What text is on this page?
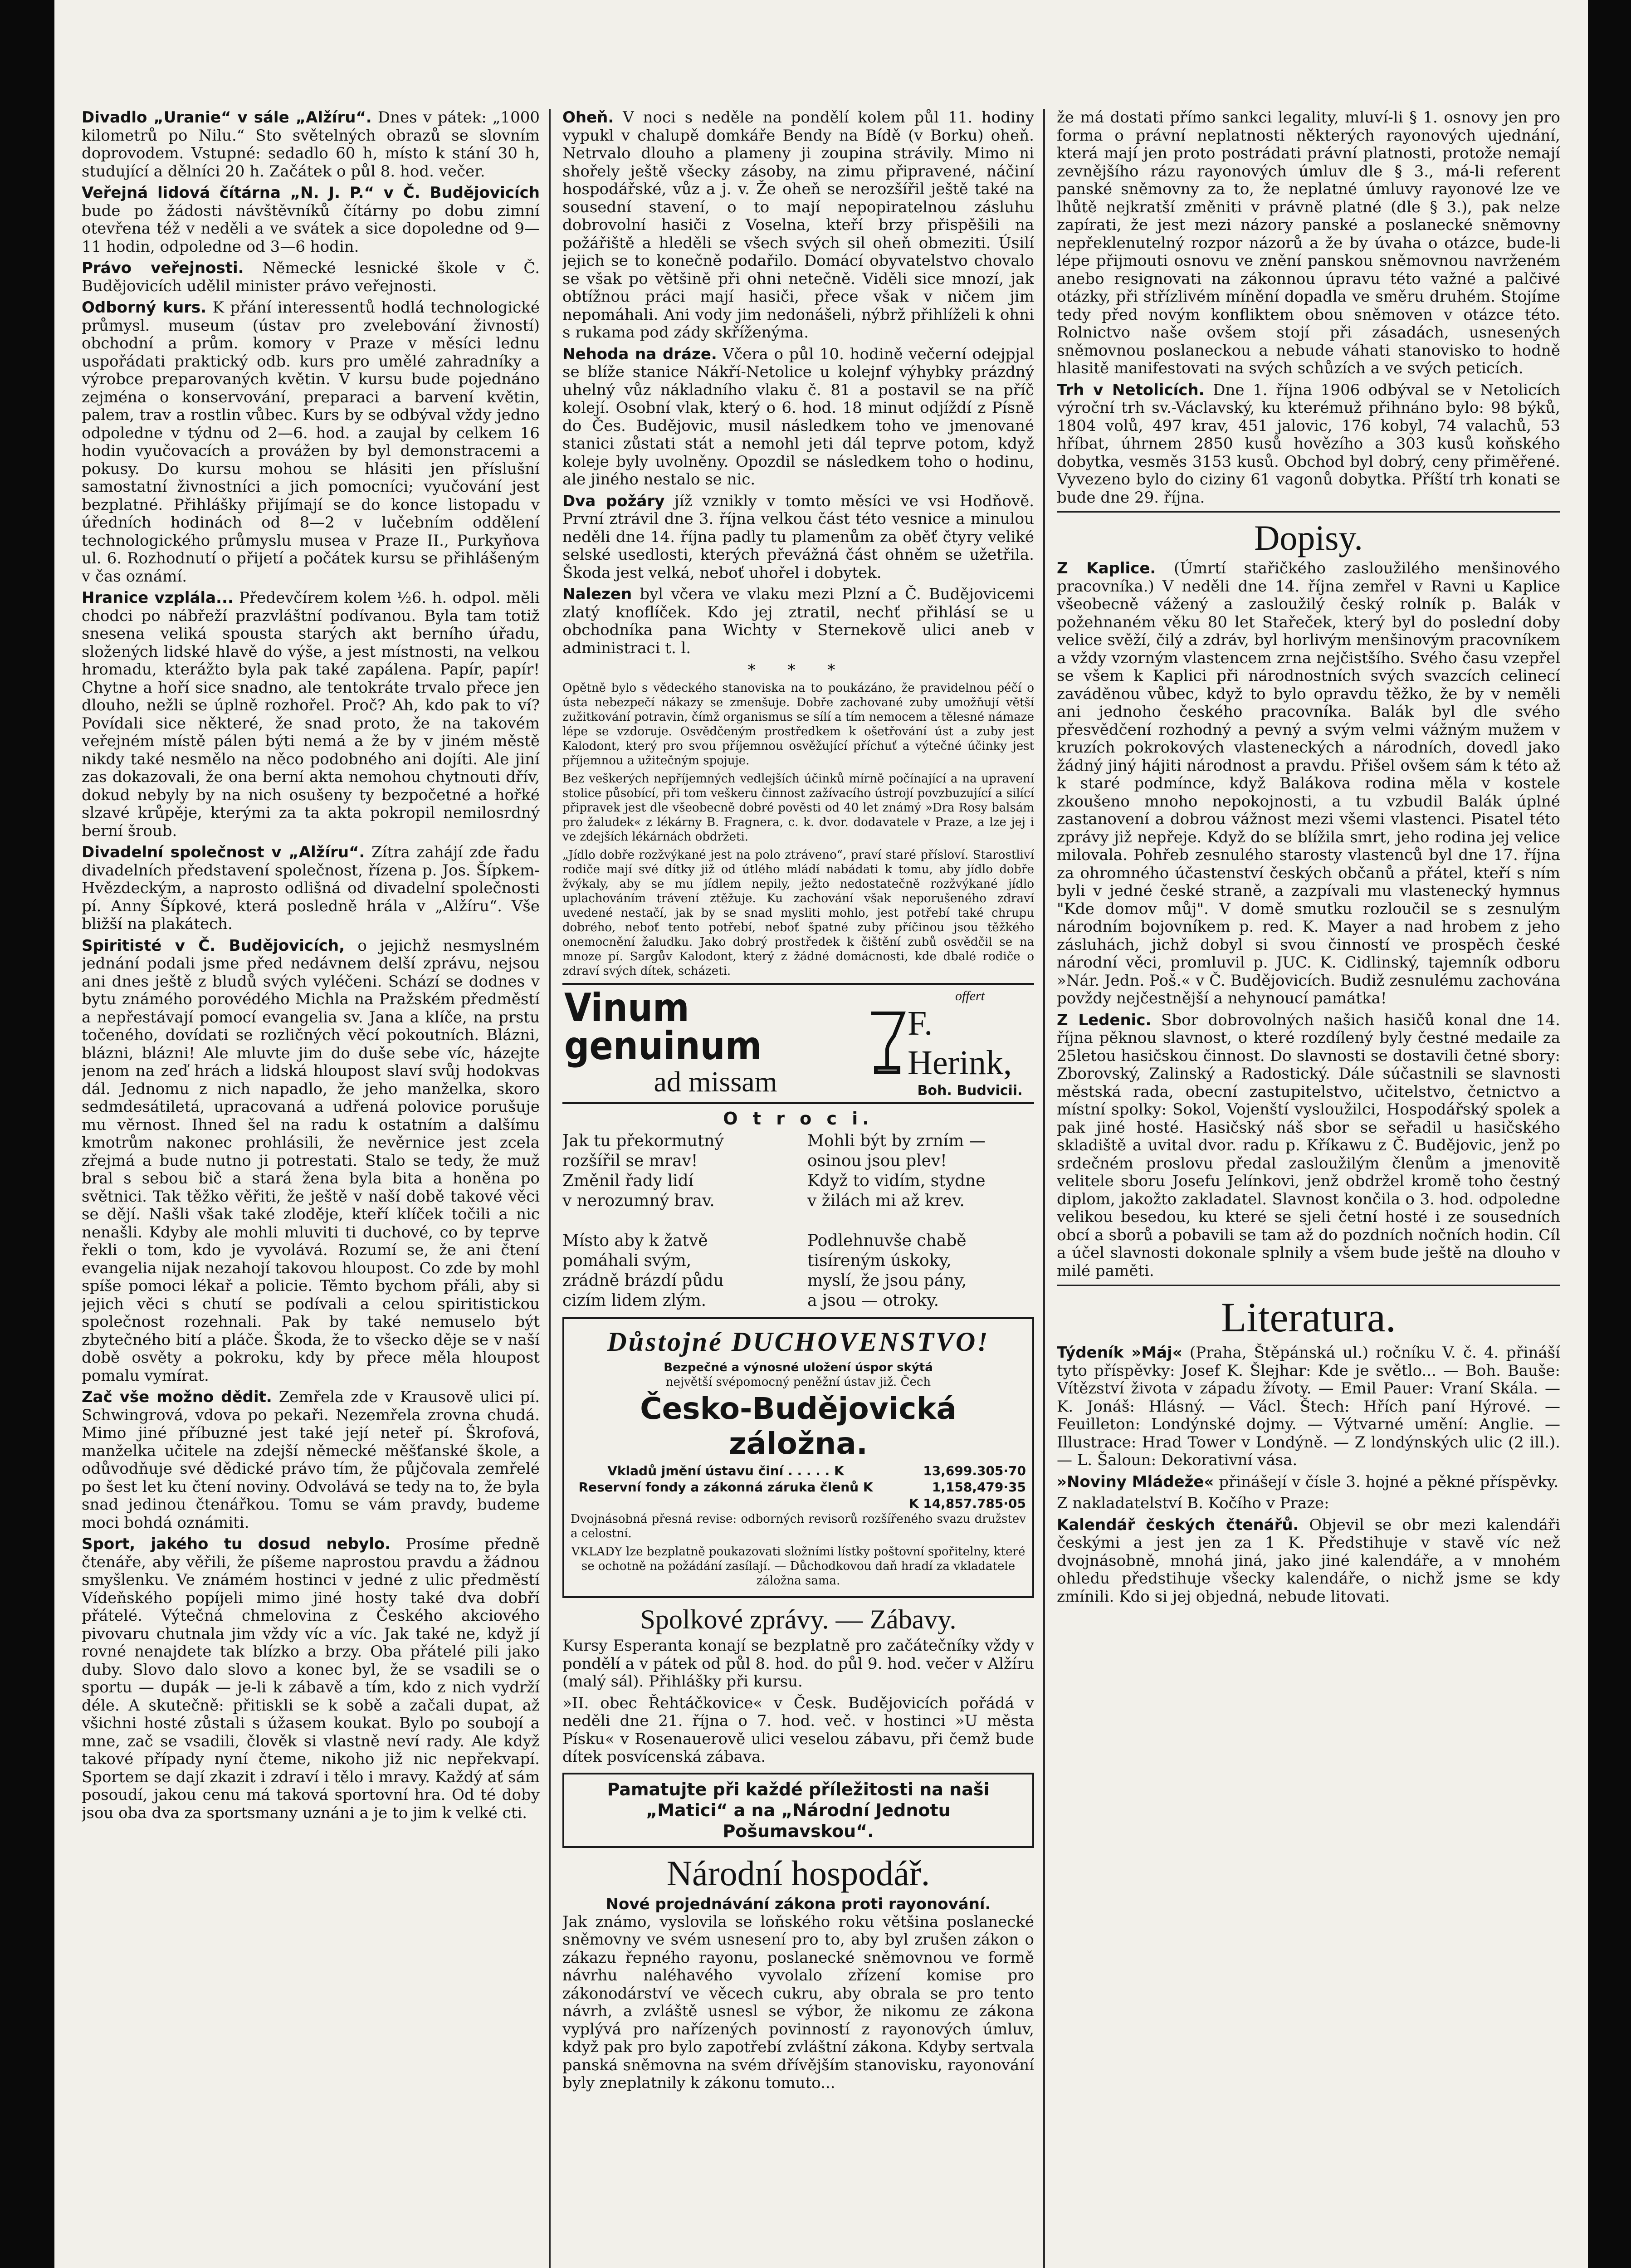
Divadlo „Uranie“ v sále „Alžíru“. Dnes v pátek: „1000 kilometrů po Nilu.“ Sto světelných obrazů se slovním doprovodem. Vstupné: sedadlo 60 h, místo k stání 30 h, studující a dělníci 20 h. Začátek o půl 8. hod. večer.

Veřejná lidová čítárna „N. J. P.“ v Č. Budějovicích bude po žádosti návštěvníků čítárny po dobu zimní otevřena též v neděli a ve svátek a sice dopoledne od 9—11 hodin, odpoledne od 3—6 hodin.

Právo veřejnosti. Německé lesnické škole v Č. Budějovicích udělil minister právo veřejnosti.

Odborný kurs. K přání interessentů hodlá technologické průmysl. museum (ústav pro zvelebování živností) obchodní a prům. komory v Praze v měsíci lednu uspořádati praktický odb. kurs pro umělé zahradníky a výrobce preparovaných květin. V kursu bude pojednáno zejména o konservování, preparaci a barvení květin, palem, trav a rostlin vůbec. Kurs by se odbýval vždy jedno odpoledne v týdnu od 2—6. hod. a zaujal by celkem 16 hodin vyučovacích a provážen by byl demonstracemi a pokusy. Do kursu mohou se hlásiti jen příslušní samostatní živnostníci a jich pomocníci; vyučování jest bezplatné. Přihlášky přijímají se do konce listopadu v úředních hodinách od 8—2 v lučebním oddělení technologického průmyslu musea v Praze II., Purkyňova ul. 6. Rozhodnutí o přijetí a počátek kursu se přihlášeným v čas oznámí.

Hranice vzplála... Předevčírem kolem ½6. h. odpol. měli chodci po nábřeží prazvláštní podívanou. Byla tam totiž snesena veliká spousta starých akt berního úřadu, složených lidské hlavě do výše, a jest místnosti, na velkou hromadu, kterážto byla pak také zapálena. Papír, papír! Chytne a hoří sice snadno, ale tentokráte trvalo přece jen dlouho, nežli se úplně rozhořel. Proč? Ah, kdo pak to ví? Povídali sice některé, že snad proto, že na takovém veřejném místě pálen býti nemá a že by v jiném městě nikdy také nesmělo na něco podobného ani dojíti. Ale jiní zas dokazovali, že ona berní akta nemohou chytnouti dřív, dokud nebyly by na nich osušeny ty bezpočetné a hořké slzavé krůpěje, kterými za ta akta pokropil nemilosrdný berní šroub.

Divadelní společnost v „Alžíru“. Zítra zahájí zde řadu divadelních představení společnost, řízena p. Jos. Šípkem-Hvězdeckým, a naprosto odlišná od divadelní společnosti pí. Anny Šípkové, která posledně hrála v „Alžíru“. Vše bližší na plakátech.

Spiritisté v Č. Budějovicích, o jejichž nesmyslném jednání podali jsme před nedávnem delší zprávu, nejsou ani dnes ještě z bludů svých vyléčeni. Schází se dodnes v bytu známého porovédého Michla na Pražském předměstí a nepřestávají pomocí evangelia sv. Jana a klíče, na prstu točeného, dovídati se rozličných věcí pokoutních. Blázni, blázni, blázni! Ale mluvte jim do duše sebe víc, házejte jenom na zeď hrách a lidská hloupost slaví svůj hodokvas dál. Jednomu z nich napadlo, že jeho manželka, skoro sedmdesátiletá, upracovaná a udřená polovice porušuje mu věrnost. Ihned šel na radu k ostatním a dalšímu kmotrům nakonec prohlásili, že nevěrnice jest zcela zřejmá a bude nutno ji potrestati. Stalo se tedy, že muž bral s sebou bič a stará žena byla bita a honěna po světnici. Tak těžko věřiti, že ještě v naší době takové věci se dějí. Našli však také zloděje, kteří klíček točili a nic nenašli. Kdyby ale mohli mluviti ti duchové, co by teprve řekli o tom, kdo je vyvolává. Rozumí se, že ani čtení evangelia nijak nezahojí takovou hloupost. Co zde by mohl spíše pomoci lékař a policie. Těmto bychom přáli, aby si jejich věci s chutí se podívali a celou spiritistickou společnost rozehnali. Pak by také nemuselo být zbytečného bití a pláče. Škoda, že to všecko děje se v naší době osvěty a pokroku, kdy by přece měla hloupost pomalu vymírat.

Zač vše možno dědit. Zemřela zde v Krausově ulici pí. Schwingrová, vdova po pekaři. Nezemřela zrovna chudá. Mimo jiné příbuzné jest také její neteř pí. Škrofová, manželka učitele na zdejší německé měšťanské škole, a odůvodňuje své dědické právo tím, že půjčovala zemřelé po šest let ku čtení noviny. Odvolává se tedy na to, že byla snad jedinou čtenářkou. Tomu se vám pravdy, budeme moci bohdá oznámiti.

Sport, jakého tu dosud nebylo. Prosíme předně čtenáře, aby věřili, že píšeme naprostou pravdu a žádnou smyšlenku. Ve známém hostinci v jedné z ulic předměstí Vídeňského popíjeli mimo jiné hosty také dva dobří přátelé. Výtečná chmelovina z Českého akciového pivovaru chutnala jim vždy víc a víc. Jak také ne, když jí rovné nenajdete tak blízko a brzy. Oba přátelé pili jako duby. Slovo dalo slovo a konec byl, že se vsadili se o sportu — dupák — je-li k zábavě a tím, kdo z nich vydrží déle. A skutečně: přitiskli se k sobě a začali dupat, až všichni hosté zůstali s úžasem koukat. Bylo po soubojí a mne, zač se vsadili, člověk si vlastně neví rady. Ale když takové případy nyní čteme, nikoho již nic nepřekvapí. Sportem se dají zkazit i zdraví i tělo i mravy. Každý ať sám posoudí, jakou cenu má taková sportovní hra. Od té doby jsou oba dva za sportsmany uznáni a je to jim k velké cti.

Oheň. V noci s neděle na pondělí kolem půl 11. hodiny vypukl v chalupě domkáře Bendy na Bídě (v Borku) oheň. Netrvalo dlouho a plameny ji zoupina strávily. Mimo ni shořely ještě všecky zásoby, na zimu připravené, náčiní hospodářské, vůz a j. v. Že oheň se nerozšířil ještě také na sousední stavení, o to mají nepopiratelnou zásluhu dobrovolní hasiči z Voselna, kteří brzy přispěšili na požářiště a hleděli se všech svých sil oheň obmeziti. Úsilí jejich se to konečně podařilo. Domácí obyvatelstvo chovalo se však po většině při ohni netečně. Viděli sice mnozí, jak obtížnou práci mají hasiči, přece však v ničem jim nepomáhali. Ani vody jim nedonášeli, nýbrž přihlíželi k ohni s rukama pod zády skříženýma.

Nehoda na dráze. Včera o půl 10. hodině večerní odejpjal se blíže stanice Nákří-Netolice u kolejnf výhybky prázdný uhelný vůz nákladního vlaku č. 81 a postavil se na příč kolejí. Osobní vlak, který o 6. hod. 18 minut odjíždí z Písně do Čes. Budějovic, musil následkem toho ve jmenované stanici zůstati stát a nemohl jeti dál teprve potom, když koleje byly uvolněny. Opozdil se následkem toho o hodinu, ale jiného nestalo se nic.

Dva požáry jíž vznikly v tomto měsíci ve vsi Hodňově. První ztrávil dne 3. října velkou část této vesnice a minulou neděli dne 14. října padly tu plamenům za oběť čtyry veliké selské usedlosti, kterých převážná část ohněm se užetřila. Škoda jest velká, neboť uhořel i dobytek.

Nalezen byl včera ve vlaku mezi Plzní a Č. Budějovicemi zlatý knoflíček. Kdo jej ztratil, nechť přihlásí se u obchodníka pana Wichty v Sternekově ulici aneb v administraci t. l.

* * *

Opětně bylo s vědeckého stanoviska na to poukázáno, že pravidelnou péčí o ústa nebezpečí nákazy se zmenšuje. Dobře zachované zuby umožňují větší zužitkování potravin, čímž organismus se sílí a tím nemocem a tělesné námaze lépe se vzdoruje. Osvědčeným prostředkem k ošetřování úst a zuby jest Kalodont, který pro svou příjemnou osvěžující příchuť a výtečné účinky jest příjemnou a užitečným spojuje.

Bez veškerých nepříjemných vedlejších účinků mírně počínající a na upravení stolice působící, při tom veškeru činnost zažívacího ústrojí povzbuzující a silící připravek jest dle všeobecně dobré pověsti od 40 let známý »Dra Rosy balsám pro žaludek« z lékárny B. Fragnera, c. k. dvor. dodavatele v Praze, a lze jej i ve zdejších lékárnách obdržeti.

„Jídlo dobře rozžvýkané jest na polo ztráveno“, praví staré přísloví. Starostliví rodiče mají své dítky již od útlého mládí nabádati k tomu, aby jídlo dobře žvýkaly, aby se mu jídlem nepily, ježto nedostatečně rozžvýkané jídlo uplachováním trávení ztěžuje. Ku zachování však neporušeného zdraví uvedené nestačí, jak by se snad mysliti mohlo, jest potřebí také chrupu dobrého, neboť tento potřebí, neboť špatné zuby příčinou jsou těžkého onemocnění žaludku. Jako dobrý prostředek k čištění zubů osvědčil se na mnoze pí. Sargův Kalodont, který z žádné domácnosti, kde dbalé rodiče o zdraví svých dítek, scházeti.

Vinum genuinum
ad missam
offert
F. Herink,
Boh. Budvicii.
O t r o c i.
Jak tu překormutný
rozšířil se mrav!
Změnil řady lidí
v nerozumný brav.

Místo aby k žatvě
pomáhali svým,
zrádně brázdí půdu
cizím lidem zlým.
Mohli být by zrním —
osinou jsou plev!
Když to vidím, stydne
v žilách mi až krev.

Podlehnuvše chabě
tisíreným úskoky,
myslí, že jsou pány,
a jsou — otroky.
Důstojné DUCHOVENSTVO!
Bezpečné a výnosné uložení úspor skýtá
největší svépomocný peněžní ústav již. Čech
Česko-Budějovická záložna.
Vkladů jmění ústavu činí . . . . . K	13,699.305·70
Reservní fondy a zákonná záruka členů K	1,158,479·35
K 14,857.785·05

Dvojnásobná přesná revise: odborných revisorů rozšířeného svazu družstev a celostní.

VKLADY lze bezplatně poukazovati složními lístky poštovní spořitelny, které se ochotně na požádání zasílají. — Důchodkovou daň hradí za vkladatele záložna sama.

Spolkové zprávy. — Zábavy.

Kursy Esperanta konají se bezplatně pro začátečníky vždy v pondělí a v pátek od půl 8. hod. do půl 9. hod. večer v Alžíru (malý sál). Přihlášky při kursu.

»II. obec Řehtáčkovice« v Česk. Budějovicích pořádá v neděli dne 21. října o 7. hod. več. v hostinci »U města Písku« v Rosenauerově ulici veselou zábavu, při čemž bude dítek posvícenská zábava.

Pamatujte při každé příležitosti na naši „Matici“ a na „Národní Jednotu Pošumavskou“.
Národní hospodář.
Nové projednávání zákona proti rayonování.

Jak známo, vyslovila se loňského roku většina poslanecké sněmovny ve svém usnesení pro to, aby byl zrušen zákon o zákazu řepného rayonu, poslanecké sněmovnou ve formě návrhu naléhavého vyvolalo zřízení komise pro zákonodárství ve věcech cukru, aby obrala se pro tento návrh, a zvláště usnesl se výbor, že nikomu ze zákona vyplývá pro nařízených povinností z rayonových úmluv, když pak pro bylo zapotřebí zvláštní zákona. Kdyby sertvala panská sněmovna na svém dřívějším stanovisku, rayonování byly zneplatnily k zákonu tomuto...

že má dostati přímo sankci legality, mluví-li § 1. osnovy jen pro forma o právní neplatnosti některých rayonových ujednání, která mají jen proto postrádati právní platnosti, protože nemají zevnějšího rázu rayonových úmluv dle § 3., má-li referent panské sněmovny za to, že neplatné úmluvy rayonové lze ve lhůtě nejkratší změniti v právně platné (dle § 3.), pak nelze zapírati, že jest mezi názory panské a poslanecké sněmovny nepřeklenutelný rozpor názorů a že by úvaha o otázce, bude-li lépe přijmouti osnovu ve znění panskou sněmovnou navrženém anebo resignovati na zákonnou úpravu této važné a palčivé otázky, při střízlivém mínění dopadla ve směru druhém. Stojíme tedy před novým konfliktem obou sněmoven v otázce této. Rolnictvo naše ovšem stojí při zásadách, usnesených sněmovnou poslaneckou a nebude váhati stanovisko to hodně hlasitě manifestovati na svých schůzích a ve svých peticích.

Trh v Netolicích. Dne 1. října 1906 odbýval se v Netolicích výroční trh sv.-Václavský, ku kterémuž přihnáno bylo: 98 býků, 1804 volů, 497 krav, 451 jalovic, 176 kobyl, 74 valachů, 53 hříbat, úhrnem 2850 kusů hovězího a 303 kusů koňského dobytka, vesměs 3153 kusů. Obchod byl dobrý, ceny přiměřené. Vyvezeno bylo do ciziny 61 vagonů dobytka. Příští trh konati se bude dne 29. října.

Dopisy.

Z Kaplice. (Úmrtí stařičkého zasloužilého menšinového pracovníka.) V neděli dne 14. října zemřel v Ravni u Kaplice všeobecně vážený a zasloužilý český rolník p. Balák v požehnaném věku 80 let Stařeček, který byl do poslední doby velice svěží, čilý a zdráv, byl horlivým menšinovým pracovníkem a vždy vzorným vlastencem zrna nejčistšího. Svého času vzepřel se všem k Kaplici při národnostních svých svazcích celinecí zaváděnou vůbec, když to bylo opravdu těžko, že by v neměli ani jednoho českého pracovníka. Balák byl dle svého přesvědčení rozhodný a pevný a svým velmi vážným mužem v kruzích pokrokových vlasteneckých a národních, dovedl jako žádný jiný hájiti národnost a pravdu. Přišel ovšem sám k této až k staré podmínce, když Balákova rodina měla v kostele zkoušeno mnoho nepokojnosti, a tu vzbudil Balák úplné zastanovení a dobrou vážnost mezi všemi vlastenci. Pisatel této zprávy již nepřeje. Když do se blížila smrt, jeho rodina jej velice milovala. Pohřeb zesnulého starosty vlastenců byl dne 17. října za ohromného účastenství českých občanů a přátel, kteří s ním byli v jedné české straně, a zazpívali mu vlastenecký hymnus "Kde domov můj". V domě smutku rozloučil se s zesnulým národním bojovníkem p. red. K. Mayer a nad hrobem z jeho zásluhách, jichž dobyl si svou činností ve prospěch české národní věci, promluvil p. JUC. K. Cidlinský, tajemník odboru »Nár. Jedn. Poš.« v Č. Budějovicích. Budiž zesnulému zachována povždy nejčestnější a nehynoucí památka!

Z Ledenic. Sbor dobrovolných našich hasičů konal dne 14. října pěknou slavnost, o které rozdílený byly čestné medaile za 25letou hasičskou činnost. Do slavnosti se dostavili četné sbory: Zborovský, Zalinský a Radostický. Dále súčastnili se slavnosti městská rada, obecní zastupitelstvo, učitelstvo, četnictvo a místní spolky: Sokol, Vojenští vysloužilci, Hospodářský spolek a pak jiné hosté. Hasičský náš sbor se seřadil u hasičského skladiště a uvital dvor. radu p. Kříkawu z Č. Budějovic, jenž po srdečném proslovu předal zasloužilým členům a jmenovitě velitele sboru Josefu Jelínkovi, jenž obdržel kromě toho čestný diplom, jakožto zakladatel. Slavnost končila o 3. hod. odpoledne velikou besedou, ku které se sjeli četní hosté i ze sousedních obcí a sborů a pobavili se tam až do pozdních nočních hodin. Cíl a účel slavnosti dokonale splnily a všem bude ještě na dlouho v milé paměti.

Literatura.

Týdeník »Máj« (Praha, Štěpánská ul.) ročníku V. č. 4. přináší tyto příspěvky: Josef K. Šlejhar: Kde je světlo... — Boh. Bauše: Vítězství života v západu žívoty. — Emil Pauer: Vraní Skála. — K. Jonáš: Hlásný. — Václ. Štech: Hřích paní Hýrové. — Feuilleton: Londýnské dojmy. — Výtvarné umění: Anglie. — Illustrace: Hrad Tower v Londýně. — Z londýnských ulic (2 ill.). — L. Šaloun: Dekorativní vása.

»Noviny Mládeže« přinášejí v čísle 3. hojné a pěkné příspěvky.

Z nakladatelství B. Kočího v Praze:

Kalendář českých čtenářů. Objevil se obr mezi kalendáři českými a jest jen za 1 K. Předstihuje v stavě víc než dvojnásobně, mnohá jiná, jako jiné kalendáře, a v mnohém ohledu předstihuje všecky kalendáře, o nichž jsme se kdy zmínili. Kdo si jej objedná, nebude litovati.
